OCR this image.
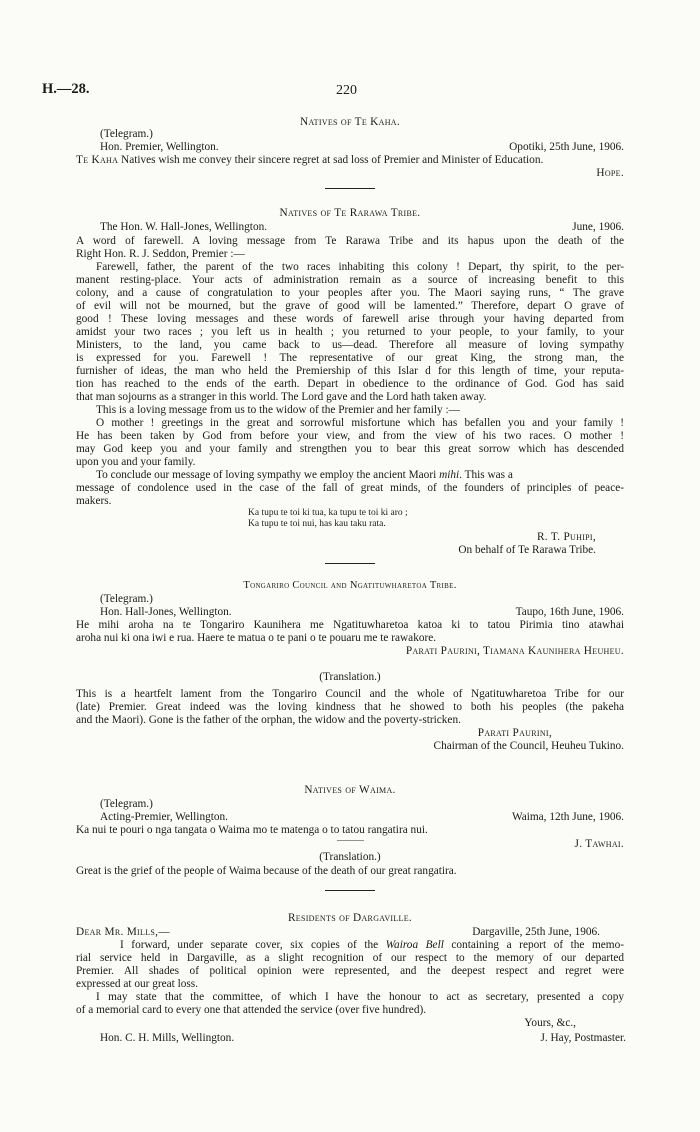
H.—28.	220
Natives of Te Kaha.
(Telegram.)
Hon. Premier, Wellington.	Opotiki, 25th June, 1906.
Te Kaha Natives wish me convey their sincere regret at sad loss of Premier and Minister of Education.
Hope.
Natives of Te Rarawa Tribe.
The Hon. W. Hall-Jones, Wellington.	June, 1906.
A word of farewell. A loving message from Te Rarawa Tribe and its hapus upon the death of the
Right Hon. R. J. Seddon, Premier :—
Farewell, father, the parent of the two races inhabiting this colony ! Depart, thy spirit, to the per-
manent resting-place. Your acts of administration remain as a source of increasing benefit to this
colony, and a cause of congratulation to your peoples after you. The Maori saying runs, “ The grave
of evil will not be mourned, but the grave of good will be lamented.” Therefore, depart O grave of
good ! These loving messages and these words of farewell arise through your having departed from
amidst your two races ; you left us in health ; you returned to your people, to your family, to your
Ministers, to the land, you came back to us—dead. Therefore all measure of loving sympathy
is expressed for you. Farewell ! The representative of our great King, the strong man, the
furnisher of ideas, the man who held the Premiership of this Islar d for this length of time, your reputa-
tion has reached to the ends of the earth. Depart in obedience to the ordinance of God. God has said
that man sojourns as a stranger in this world. The Lord gave and the Lord hath taken away.
This is a loving message from us to the widow of the Premier and her family :—
O mother ! greetings in the great and sorrowful misfortune which has befallen you and your family !
He has been taken by God from before your view, and from the view of his two races. O mother !
may God keep you and your family and strengthen you to bear this great sorrow which has descended
upon you and your family.
To conclude our message of loving sympathy we employ the ancient Maori mihi. This was a
message of condolence used in the case of the fall of great minds, of the founders of principles of peace-
makers.
Ka tupu te toi ki tua, ka tupu te toi ki aro ;
Ka tupu te toi nui, has kau taku rata.
R. T. Puhipi,
On behalf of Te Rarawa Tribe.
Tongariro Council and Ngatituwharetoa Tribe.
(Telegram.)
Hon. Hall-Jones, Wellington.	Taupo, 16th June, 1906.
He mihi aroha na te Tongariro Kaunihera me Ngatituwharetoa katoa ki to tatou Pirimia tino atawhai
aroha nui ki ona iwi e rua. Haere te matua o te pani o te pouaru me te rawakore.
Parati Paurini, Tiamana Kaunihera Heuheu.
(Translation.)
This is a heartfelt lament from the Tongariro Council and the whole of Ngatituwharetoa Tribe for our
(late) Premier. Great indeed was the loving kindness that he showed to both his peoples (the pakeha
and the Maori). Gone is the father of the orphan, the widow and the poverty-stricken.
Parati Paurini,
Chairman of the Council, Heuheu Tukino.
Natives of Waima.
(Telegram.)
Acting-Premier, Wellington.	Waima, 12th June, 1906.
Ka nui te pouri o nga tangata o Waima mo te matenga o to tatou rangatira nui.
———	J. Tawhai.
(Translation.)
Great is the grief of the people of Waima because of the death of our great rangatira.
Residents of Dargaville.
Dear Mr. Mills,—	Dargaville, 25th June, 1906.
I forward, under separate cover, six copies of the Wairoa Bell containing a report of the memo-
rial service held in Dargaville, as a slight recognition of our respect to the memory of our departed
Premier. All shades of political opinion were represented, and the deepest respect and regret were
expressed at our great loss.
I may state that the committee, of which I have the honour to act as secretary, presented a copy
of a memorial card to every one that attended the service (over five hundred).
Yours, &c.,
Hon. C. H. Mills, Wellington.	J. Hay, Postmaster.
